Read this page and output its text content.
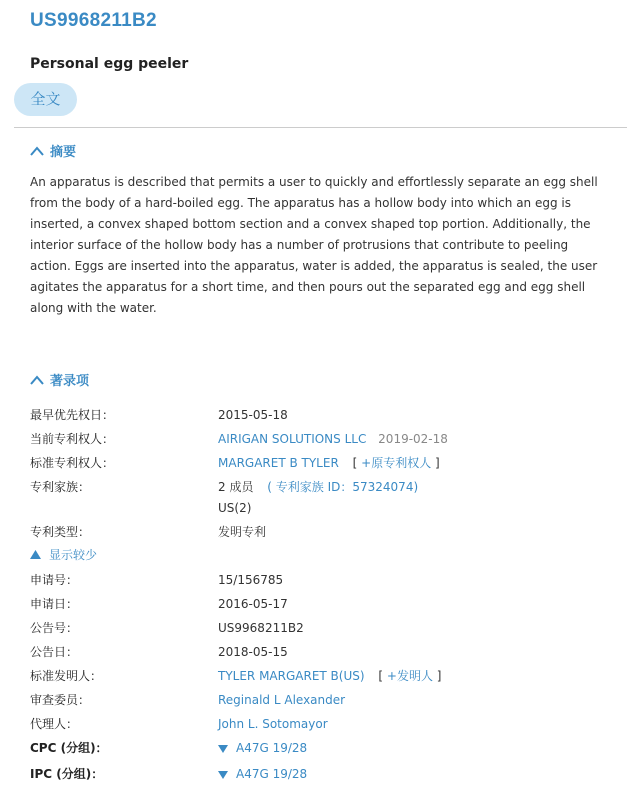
US9968211B2
Personal egg peeler
全文
摘要
An apparatus is described that permits a user to quickly and effortlessly separate an egg shell from the body of a hard-boiled egg. The apparatus has a hollow body into which an egg is inserted, a convex shaped bottom section and a convex shaped top portion. Additionally, the interior surface of the hollow body has a number of protrusions that contribute to peeling action. Eggs are inserted into the apparatus, water is added, the apparatus is sealed, the user agitates the apparatus for a short time, and then pours out the separated egg and egg shell along with the water.
著录项
最早优先权日：	2015-05-18
当前专利权人：	AIRIGAN SOLUTIONS LLC 2019-02-18
标准专利权人：	MARGARET B TYLER [ +原专利权人 ]
专利家族：	2 成员 ( 专利家族 ID：57324074)
US(2)
专利类型：	发明专利
显示较少
申请号：	15/156785
申请日：	2016-05-17
公告号：	US9968211B2
公告日：	2018-05-15
标准发明人：	TYLER MARGARET B(US) [ +发明人 ]
审查委员：	Reginald L Alexander
代理人：	John L. Sotomayor
CPC (分组)：	A47G 19/28
IPC (分组)：	A47G 19/28
